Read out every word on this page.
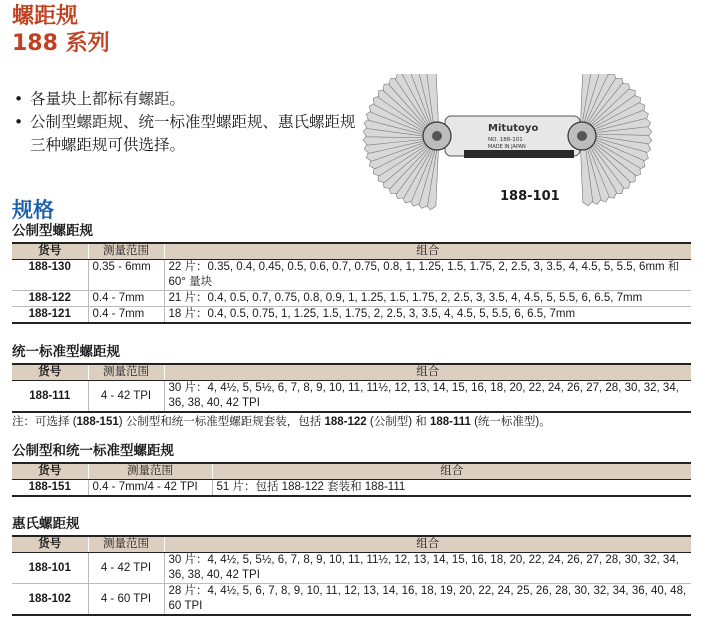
螺距规
188 系列
• 各量块上都标有螺距。
• 公制型螺距规、统一标准型螺距规、惠氏螺距规三种螺距规可供选择。
Mitutoyo
NO. 188-101
MADE IN JAPAN
188-101
规格
公制型螺距规
货号	测量范围	组合
188-130	0.35 - 6mm	22 片：0.35, 0.4, 0.45, 0.5, 0.6, 0.7, 0.75, 0.8, 1, 1.25, 1.5, 1.75, 2, 2.5, 3, 3.5, 4, 4.5, 5, 5.5, 6mm 和 60° 量块
188-122	0.4 - 7mm	21 片：0.4, 0.5, 0.7, 0.75, 0.8, 0.9, 1, 1.25, 1.5, 1.75, 2, 2.5, 3, 3.5, 4, 4.5, 5, 5.5, 6, 6.5, 7mm
188-121	0.4 - 7mm	18 片：0.4, 0.5, 0.75, 1, 1.25, 1.5, 1.75, 2, 2.5, 3, 3.5, 4, 4.5, 5, 5.5, 6, 6.5, 7mm
统一标准型螺距规
货号	测量范围	组合
188-111	4 - 42 TPI	30 片：4, 4½, 5, 5½, 6, 7, 8, 9, 10, 11, 11½, 12, 13, 14, 15, 16, 18, 20, 22, 24, 26, 27, 28, 30, 32, 34, 36, 38, 40, 42 TPI
注：可选择 (188-151) 公制型和统一标准型螺距规套装，包括 188-122 (公制型) 和 188-111 (统一标准型)。
公制型和统一标准型螺距规
货号	测量范围	组合
188-151	0.4 - 7mm/4 - 42 TPI	51 片：包括 188-122 套装和 188-111
惠氏螺距规
货号	测量范围	组合
188-101	4 - 42 TPI	30 片：4, 4½, 5, 5½, 6, 7, 8, 9, 10, 11, 11½, 12, 13, 14, 15, 16, 18, 20, 22, 24, 26, 27, 28, 30, 32, 34, 36, 38, 40, 42 TPI
188-102	4 - 60 TPI	28 片：4, 4½, 5, 6, 7, 8, 9, 10, 11, 12, 13, 14, 16, 18, 19, 20, 22, 24, 25, 26, 28, 30, 32, 34, 36, 40, 48, 60 TPI
